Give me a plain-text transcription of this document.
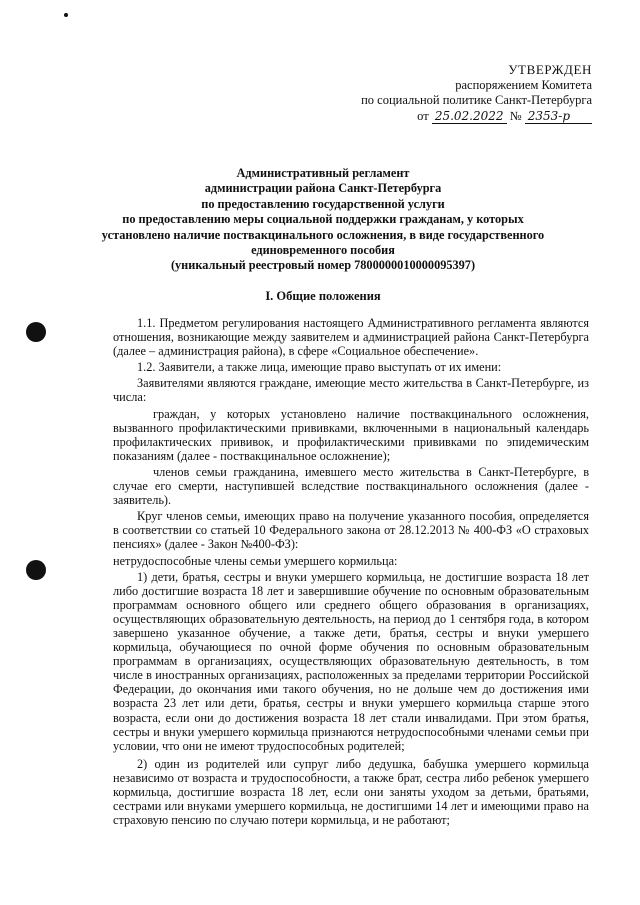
УТВЕРЖДЕН
распоряжением Комитета
по социальной политике Санкт-Петербурга
от 25.02.2022 № 2353-р
Административный регламент
администрации района Санкт-Петербурга
по предоставлению государственной услуги
по предоставлению меры социальной поддержки гражданам, у которых
установлено наличие поствакцинального осложнения, в виде государственного
единовременного пособия
(уникальный реестровый номер 7800000010000095397)
I. Общие положения

1.1. Предметом регулирования настоящего Административного регламента являются отношения, возникающие между заявителем и администрацией района Санкт-Петербурга (далее – администрация района), в сфере «Социальное обеспечение».

1.2. Заявители, а также лица, имеющие право выступать от их имени:

Заявителями являются граждане, имеющие место жительства в Санкт-Петербурге, из числа:

граждан, у которых установлено наличие поствакцинального осложнения, вызванного профилактическими прививками, включенными в национальный календарь профилактических прививок, и профилактическими прививками по эпидемическим показаниям (далее - поствакцинальное осложнение);

членов семьи гражданина, имевшего место жительства в Санкт-Петербурге, в случае его смерти, наступившей вследствие поствакцинального осложнения (далее - заявитель).

Круг членов семьи, имеющих право на получение указанного пособия, определяется в соответствии со статьей 10 Федерального закона от 28.12.2013 № 400-ФЗ «О страховых пенсиях» (далее - Закон №400-ФЗ):

нетрудоспособные члены семьи умершего кормильца:

1) дети, братья, сестры и внуки умершего кормильца, не достигшие возраста 18 лет либо достигшие возраста 18 лет и завершившие обучение по основным образовательным программам основного общего или среднего общего образования в организациях, осуществляющих образовательную деятельность, на период до 1 сентября года, в котором завершено указанное обучение, а также дети, братья, сестры и внуки умершего кормильца, обучающиеся по очной форме обучения по основным образовательным программам в организациях, осуществляющих образовательную деятельность, в том числе в иностранных организациях, расположенных за пределами территории Российской Федерации, до окончания ими такого обучения, но не дольше чем до достижения ими возраста 23 лет или дети, братья, сестры и внуки умершего кормильца старше этого возраста, если они до достижения возраста 18 лет стали инвалидами. При этом братья, сестры и внуки умершего кормильца признаются нетрудоспособными членами семьи при условии, что они не имеют трудоспособных родителей;

2) один из родителей или супруг либо дедушка, бабушка умершего кормильца независимо от возраста и трудоспособности, а также брат, сестра либо ребенок умершего кормильца, достигшие возраста 18 лет, если они заняты уходом за детьми, братьями, сестрами или внуками умершего кормильца, не достигшими 14 лет и имеющими право на страховую пенсию по случаю потери кормильца, и не работают;
